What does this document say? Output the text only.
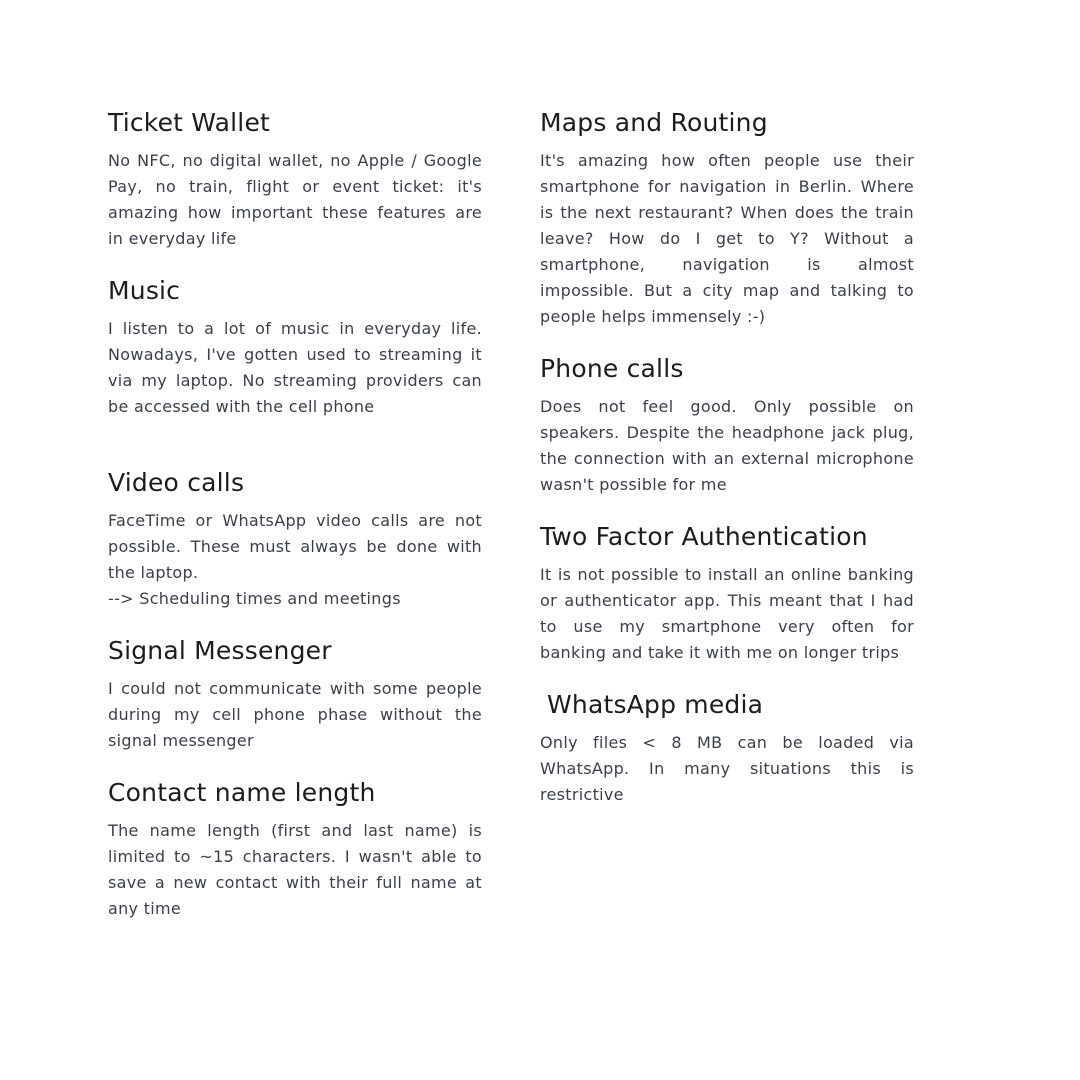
Ticket Wallet

No NFC, no digital wallet, no Apple / Google Pay, no train, flight or event ticket: it's amazing how important these features are in everyday life

Music

I listen to a lot of music in everyday life. Nowadays, I've gotten used to streaming it via my laptop. No streaming providers can be accessed with the cell phone

Video calls

FaceTime or WhatsApp video calls are not possible. These must always be done with the laptop.
--> Scheduling times and meetings

Signal Messenger

I could not communicate with some people during my cell phone phase without the signal messenger

Contact name length

The name length (first and last name) is limited to ~15 characters. I wasn't able to save a new contact with their full name at any time

Maps and Routing

It's amazing how often people use their smartphone for navigation in Berlin. Where is the next restaurant? When does the train leave? How do I get to Y? Without a smartphone, navigation is almost impossible. But a city map and talking to people helps immensely :-)

Phone calls

Does not feel good. Only possible on speakers. Despite the headphone jack plug, the connection with an external microphone wasn't possible for me

Two Factor Authentication

It is not possible to install an online banking or authenticator app. This meant that I had to use my smartphone very often for banking and take it with me on longer trips

WhatsApp media

Only files < 8 MB can be loaded via WhatsApp. In many situations this is restrictive
